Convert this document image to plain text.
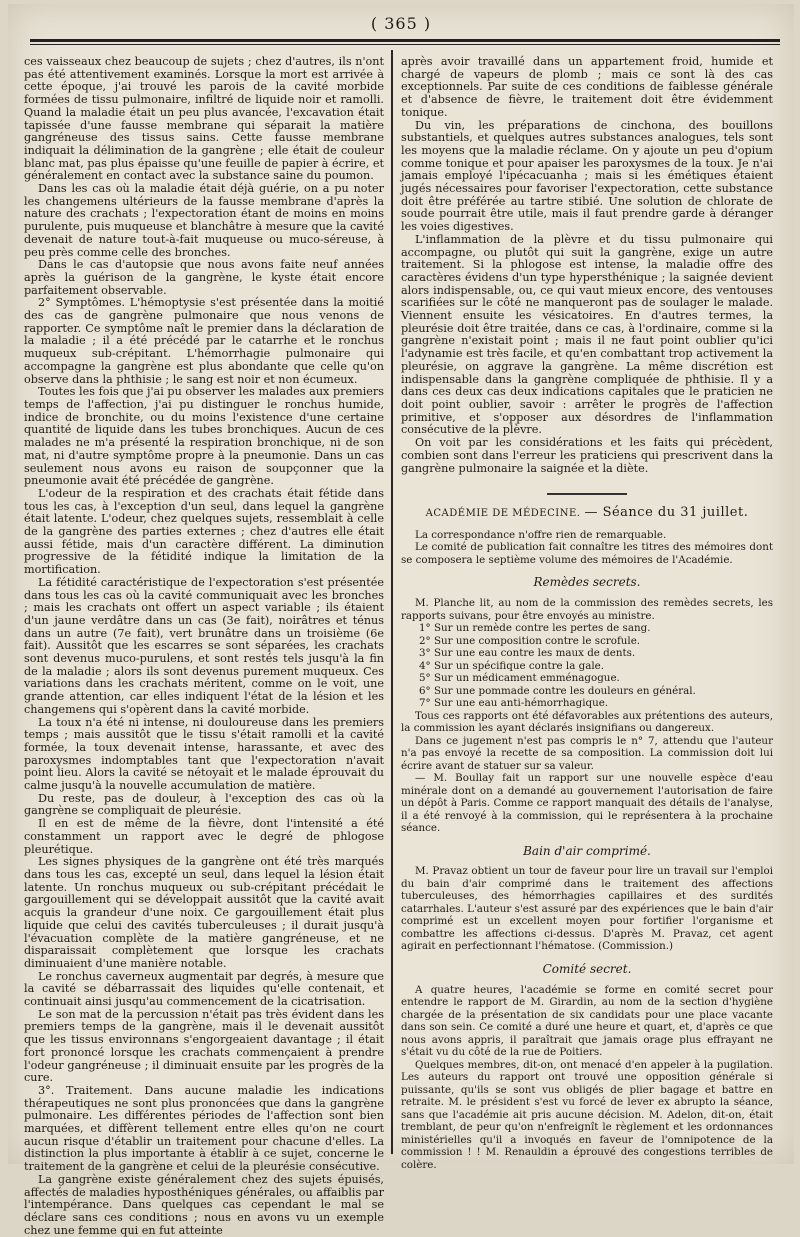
( 365 )

ces vaisseaux chez beaucoup de sujets ; chez d'autres, ils n'ont pas été attentivement examinés. Lorsque la mort est arrivée à cette époque, j'ai trouvé les parois de la cavité morbide formées de tissu pulmonaire, infiltré de liquide noir et ramolli. Quand la maladie était un peu plus avancée, l'excavation était tapissée d'une fausse membrane qui séparait la matière gangréneuse des tissus sains. Cette fausse membrane indiquait la délimination de la gangrène ; elle était de couleur blanc mat, pas plus épaisse qu'une feuille de papier à écrire, et généralement en contact avec la substance saine du poumon.

Dans les cas où la maladie était déjà guérie, on a pu noter les changemens ultérieurs de la fausse membrane d'après la nature des crachats ; l'expectoration étant de moins en moins purulente, puis muqueuse et blanchâtre à mesure que la cavité devenait de nature tout-à-fait muqueuse ou muco-séreuse, à peu près comme celle des bronches.

Dans le cas d'autopsie que nous avons faite neuf années après la guérison de la gangrène, le kyste était encore parfaitement observable.

2° Symptômes. L'hémoptysie s'est présentée dans la moitié des cas de gangrène pulmonaire que nous venons de rapporter. Ce symptôme naît le premier dans la déclaration de la maladie ; il a été précédé par le catarrhe et le ronchus muqueux sub-crépitant. L'hémorrhagie pulmonaire qui accompagne la gangrène est plus abondante que celle qu'on observe dans la phthisie ; le sang est noir et non écumeux.

Toutes les fois que j'ai pu observer les malades aux premiers temps de l'affection, j'ai pu distinguer le ronchus humide, indice de bronchite, ou du moins l'existence d'une certaine quantité de liquide dans les tubes bronchiques. Aucun de ces malades ne m'a présenté la respiration bronchique, ni de son mat, ni d'autre symptôme propre à la pneumonie. Dans un cas seulement nous avons eu raison de soupçonner que la pneumonie avait été précédée de gangrène.

L'odeur de la respiration et des crachats était fétide dans tous les cas, à l'exception d'un seul, dans lequel la gangrène était latente. L'odeur, chez quelques sujets, ressemblait à celle de la gangrène des parties externes ; chez d'autres elle était aussi fétide, mais d'un caractère différent. La diminution progressive de la fétidité indique la limitation de la mortification.

La fétidité caractéristique de l'expectoration s'est présentée dans tous les cas où la cavité communiquait avec les bronches ; mais les crachats ont offert un aspect variable ; ils étaient d'un jaune verdâtre dans un cas (3e fait), noirâtres et ténus dans un autre (7e fait), vert brunâtre dans un troisième (6e fait). Aussitôt que les escarres se sont séparées, les crachats sont devenus muco-purulens, et sont restés tels jusqu'à la fin de la maladie ; alors ils sont devenus purement muqueux. Ces variations dans les crachats méritent, comme on le voit, une grande attention, car elles indiquent l'état de la lésion et les changemens qui s'opèrent dans la cavité morbide.

La toux n'a été ni intense, ni douloureuse dans les premiers temps ; mais aussitôt que le tissu s'était ramolli et la cavité formée, la toux devenait intense, harassante, et avec des paroxysmes indomptables tant que l'expectoration n'avait point lieu. Alors la cavité se nétoyait et le malade éprouvait du calme jusqu'à la nouvelle accumulation de matière.

Du reste, pas de douleur, à l'exception des cas où la gangrène se compliquait de pleurésie.

Il en est de même de la fièvre, dont l'intensité a été constamment un rapport avec le degré de phlogose pleurétique.

Les signes physiques de la gangrène ont été très marqués dans tous les cas, excepté un seul, dans lequel la lésion était latente. Un ronchus muqueux ou sub-crépitant précédait le gargouillement qui se développait aussitôt que la cavité avait acquis la grandeur d'une noix. Ce gargouillement était plus liquide que celui des cavités tuberculeuses ; il durait jusqu'à l'évacuation complète de la matière gangréneuse, et ne disparaissait complètement que lorsque les crachats diminuaient d'une manière notable.

Le ronchus caverneux augmentait par degrés, à mesure que la cavité se débarrassait des liquides qu'elle contenait, et continuait ainsi jusqu'au commencement de la cicatrisation.

Le son mat de la percussion n'était pas très évident dans les premiers temps de la gangrène, mais il le devenait aussitôt que les tissus environnans s'engorgeaient davantage ; il était fort prononcé lorsque les crachats commençaient à prendre l'odeur gangréneuse ; il diminuait ensuite par les progrès de la cure.

3°. Traitement. Dans aucune maladie les indications thérapeutiques ne sont plus prononcées que dans la gangrène pulmonaire. Les différentes périodes de l'affection sont bien marquées, et diffèrent tellement entre elles qu'on ne court aucun risque d'établir un traitement pour chacune d'elles. La distinction la plus importante à établir à ce sujet, concerne le traitement de la gangrène et celui de la pleurésie consécutive.

La gangrène existe généralement chez des sujets épuisés, affectés de maladies hyposthéniques générales, ou affaiblis par l'intempérance. Dans quelques cas cependant le mal se déclare sans ces conditions ; nous en avons vu un exemple chez une femme qui en fut atteinte

après avoir travaillé dans un appartement froid, humide et chargé de vapeurs de plomb ; mais ce sont là des cas exceptionnels. Par suite de ces conditions de faiblesse générale et d'absence de fièvre, le traitement doit être évidemment tonique.

Du vin, les préparations de cinchona, des bouillons substantiels, et quelques autres substances analogues, tels sont les moyens que la maladie réclame. On y ajoute un peu d'opium comme tonique et pour apaiser les paroxysmes de la toux. Je n'ai jamais employé l'ipécacuanha ; mais si les émétiques étaient jugés nécessaires pour favoriser l'expectoration, cette substance doit être préférée au tartre stibié. Une solution de chlorate de soude pourrait être utile, mais il faut prendre garde à déranger les voies digestives.

L'inflammation de la plèvre et du tissu pulmonaire qui accompagne, ou plutôt qui suit la gangrène, exige un autre traitement. Si la phlogose est intense, la maladie offre des caractères évidens d'un type hypersthénique ; la saignée devient alors indispensable, ou, ce qui vaut mieux encore, des ventouses scarifiées sur le côté ne manqueront pas de soulager le malade. Viennent ensuite les vésicatoires. En d'autres termes, la pleurésie doit être traitée, dans ce cas, à l'ordinaire, comme si la gangrène n'existait point ; mais il ne faut point oublier qu'ici l'adynamie est très facile, et qu'en combattant trop activement la pleurésie, on aggrave la gangrène. La même discrétion est indispensable dans la gangrène compliquée de phthisie. Il y a dans ces deux cas deux indications capitales que le praticien ne doit point oublier, savoir : arrêter le progrès de l'affection primitive, et s'opposer aux désordres de l'inflammation consécutive de la plèvre.

On voit par les considérations et les faits qui précèdent, combien sont dans l'erreur les praticiens qui prescrivent dans la gangrène pulmonaire la saignée et la diète.

ACADÉMIE DE MÉDECINE. — Séance du 31 juillet.

La correspondance n'offre rien de remarquable.

Le comité de publication fait connaître les titres des mémoires dont se composera le septième volume des mémoires de l'Académie.

Remèdes secrets.

M. Planche lit, au nom de la commission des remèdes secrets, les rapports suivans, pour être envoyés au ministre.

1° Sur un remède contre les pertes de sang.
2° Sur une composition contre le scrofule.
3° Sur une eau contre les maux de dents.
4° Sur un spécifique contre la gale.
5° Sur un médicament emménagogue.
6° Sur une pommade contre les douleurs en général.
7° Sur une eau anti-hémorrhagique.

Tous ces rapports ont été défavorables aux prétentions des auteurs, la commission les ayant déclarés insignifians ou dangereux.

Dans ce jugement n'est pas compris le n° 7, attendu que l'auteur n'a pas envoyé la recette de sa composition. La commission doit lui écrire avant de statuer sur sa valeur.

— M. Boullay fait un rapport sur une nouvelle espèce d'eau minérale dont on a demandé au gouvernement l'autorisation de faire un dépôt à Paris. Comme ce rapport manquait des détails de l'analyse, il a été renvoyé à la commission, qui le représentera à la prochaine séance.

Bain d'air comprimé.

M. Pravaz obtient un tour de faveur pour lire un travail sur l'emploi du bain d'air comprimé dans le traitement des affections tuberculeuses, des hémorrhagies capillaires et des surdités catarrhales. L'auteur s'est assuré par des expériences que le bain d'air comprimé est un excellent moyen pour fortifier l'organisme et combattre les affections ci-dessus. D'après M. Pravaz, cet agent agirait en perfectionnant l'hématose. (Commission.)

Comité secret.

A quatre heures, l'académie se forme en comité secret pour entendre le rapport de M. Girardin, au nom de la section d'hygiène chargée de la présentation de six candidats pour une place vacante dans son sein. Ce comité a duré une heure et quart, et, d'après ce que nous avons appris, il paraîtrait que jamais orage plus effrayant ne s'était vu du côté de la rue de Poitiers.

Quelques membres, dit-on, ont menacé d'en appeler à la pugilation. Les auteurs du rapport ont trouvé une opposition générale si puissante, qu'ils se sont vus obligés de plier bagage et battre en retraite. M. le président s'est vu forcé de lever ex abrupto la séance, sans que l'académie ait pris aucune décision. M. Adelon, dit-on, était tremblant, de peur qu'on n'enfreignît le règlement et les ordonnances ministérielles qu'il a invoqués en faveur de l'omnipotence de la commission ! ! M. Renauldin a éprouvé des congestions terribles de colère.
